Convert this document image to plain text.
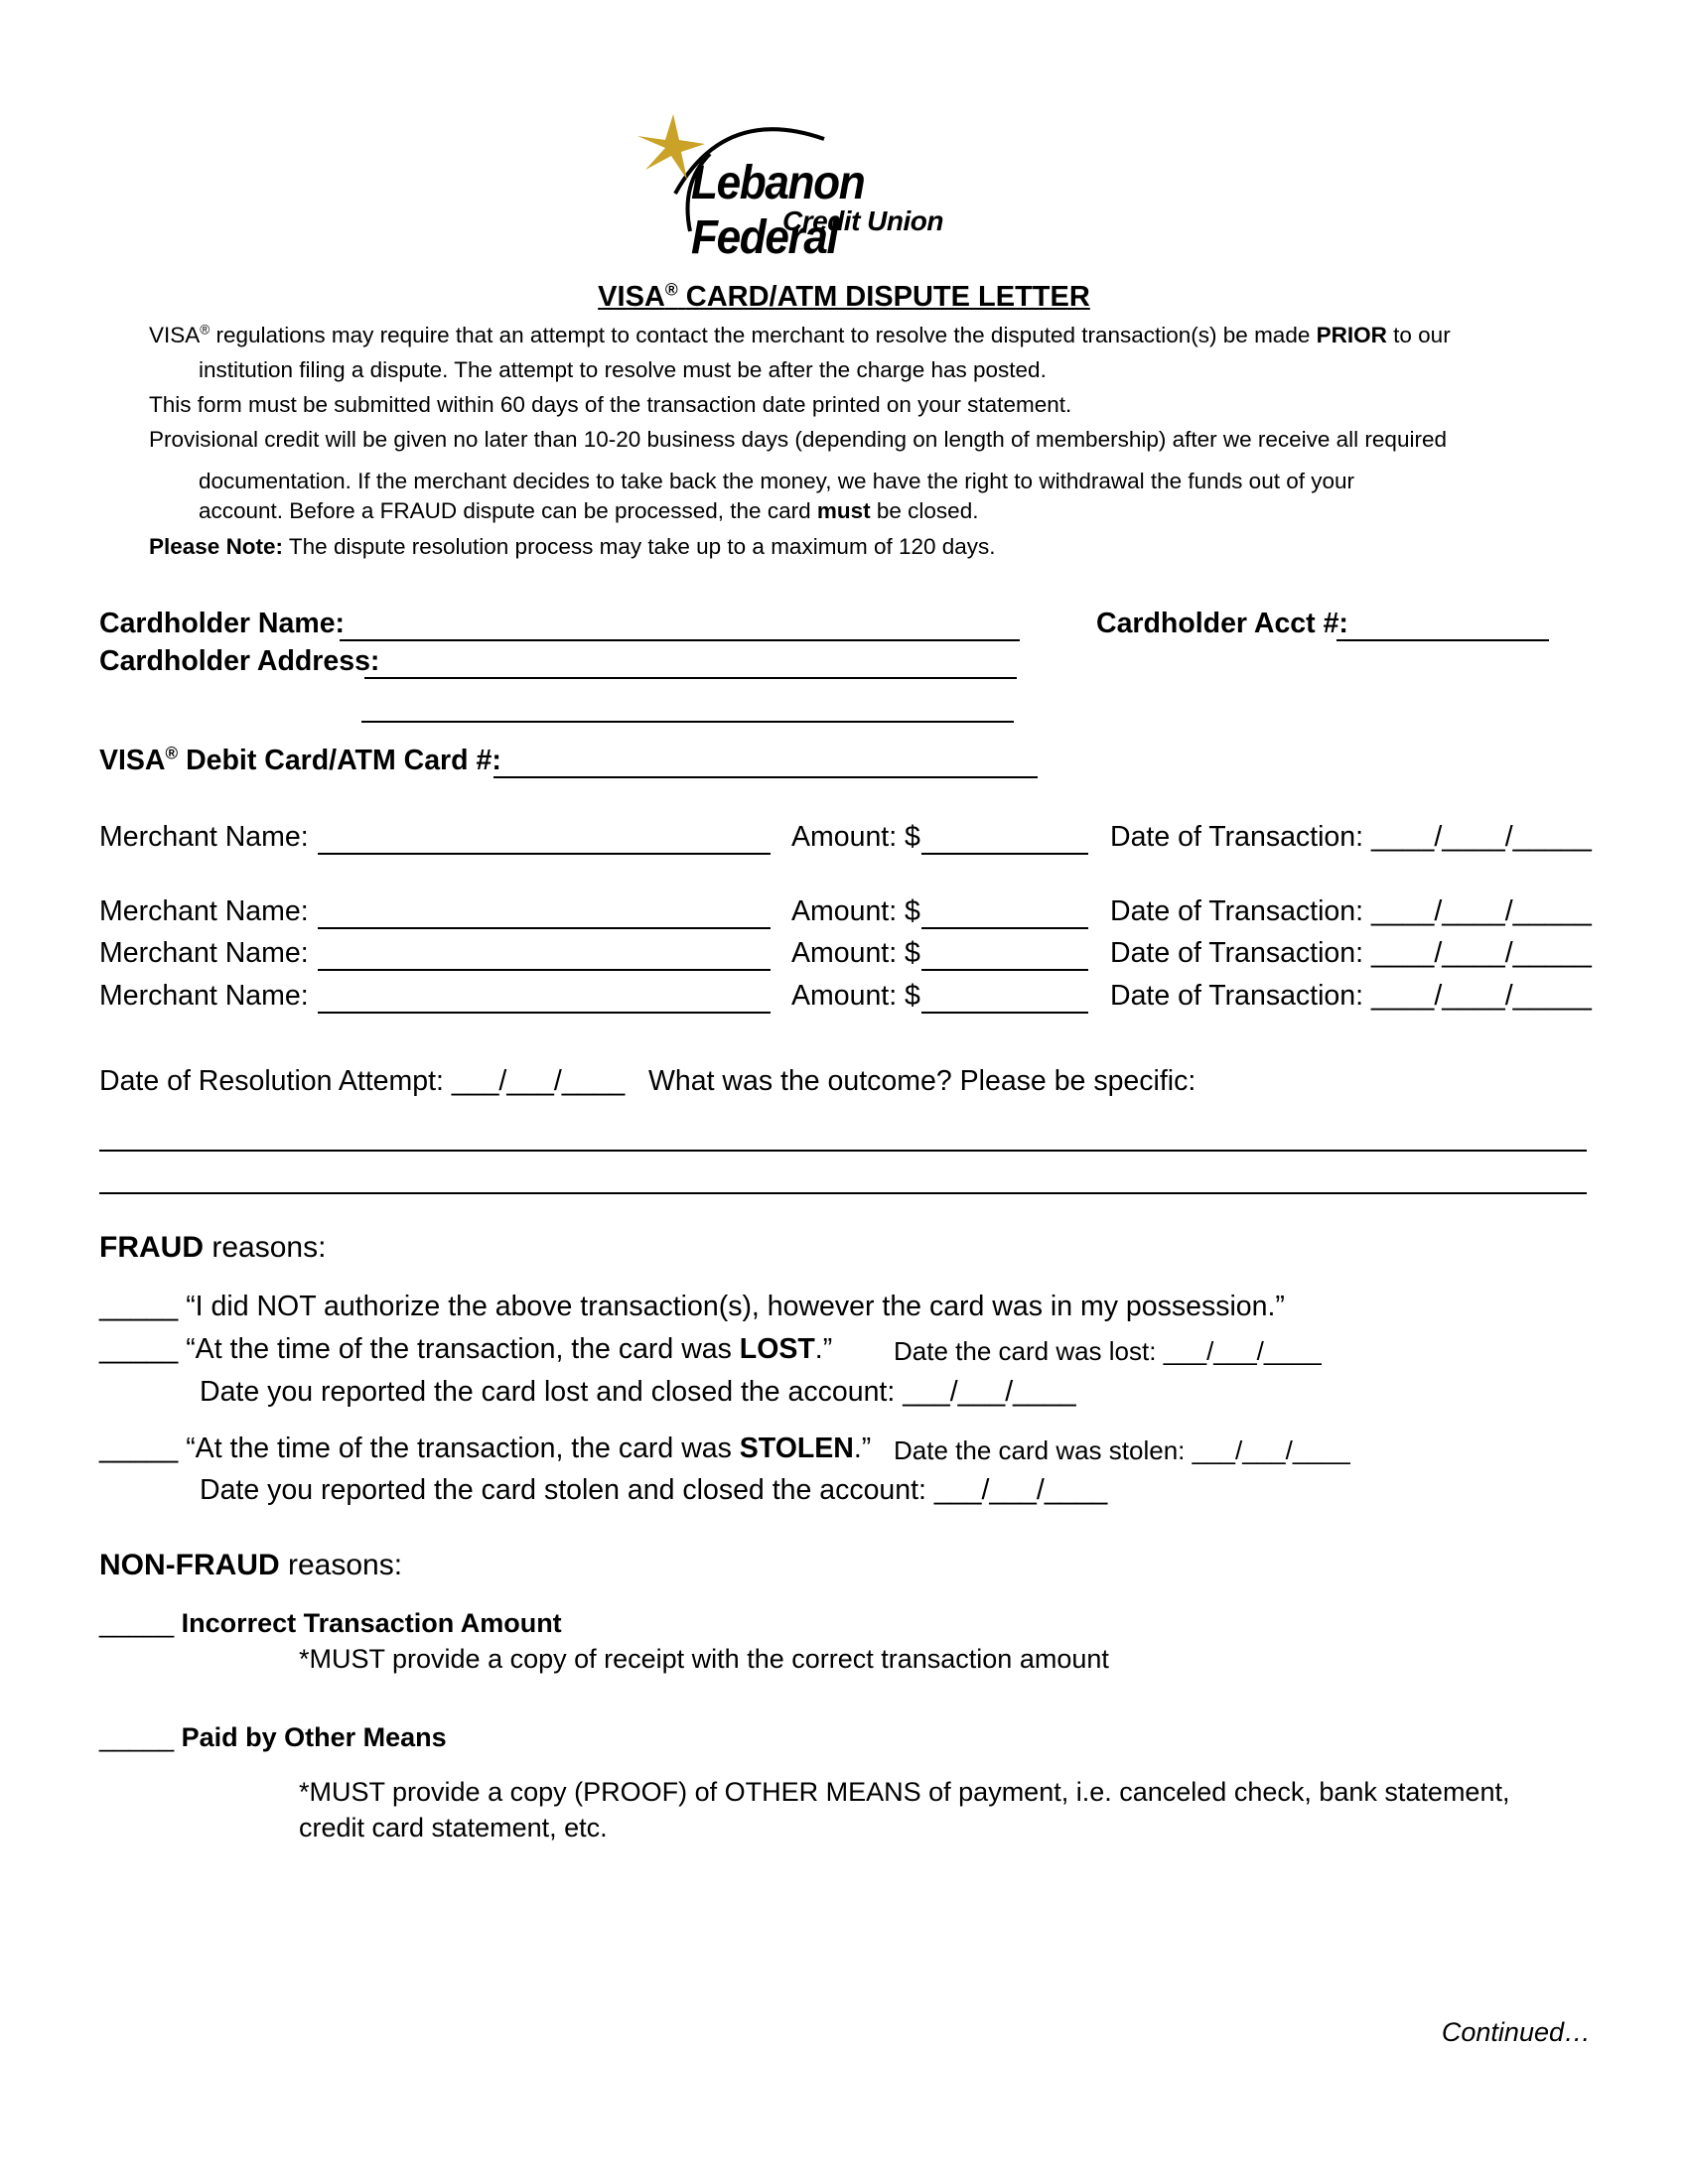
Lebanon Federal
Credit Union
VISA® CARD/ATM DISPUTE LETTER
VISA® regulations may require that an attempt to contact the merchant to resolve the disputed transaction(s) be made PRIOR to our
institution filing a dispute. The attempt to resolve must be after the charge has posted.
This form must be submitted within 60 days of the transaction date printed on your statement.
Provisional credit will be given no later than 10-20 business days (depending on length of membership) after we receive all required
documentation. If the merchant decides to take back the money, we have the right to withdrawal the funds out of your
account. Before a FRAUD dispute can be processed, the card must be closed.
Please Note: The dispute resolution process may take up to a maximum of 120 days.
Cardholder Name:	Cardholder Acct #:
Cardholder Address:
VISA® Debit Card/ATM Card #:
Merchant Name:	Amount: $	Date of Transaction: ____/____/_____
Merchant Name:	Amount: $	Date of Transaction: ____/____/_____
Merchant Name:	Amount: $	Date of Transaction: ____/____/_____
Merchant Name:	Amount: $	Date of Transaction: ____/____/_____
Date of Resolution Attempt: ___/___/____ What was the outcome? Please be specific:
FRAUD reasons:
_____ “I did NOT authorize the above transaction(s), however the card was in my possession.”
_____ “At the time of the transaction, the card was LOST.” Date the card was lost: ___/___/____
Date you reported the card lost and closed the account: ___/___/____
_____ “At the time of the transaction, the card was STOLEN.” Date the card was stolen: ___/___/____
Date you reported the card stolen and closed the account: ___/___/____
NON-FRAUD reasons:
_____ Incorrect Transaction Amount
*MUST provide a copy of receipt with the correct transaction amount
_____ Paid by Other Means
*MUST provide a copy (PROOF) of OTHER MEANS of payment, i.e. canceled check, bank statement,
credit card statement, etc.
Continued…
